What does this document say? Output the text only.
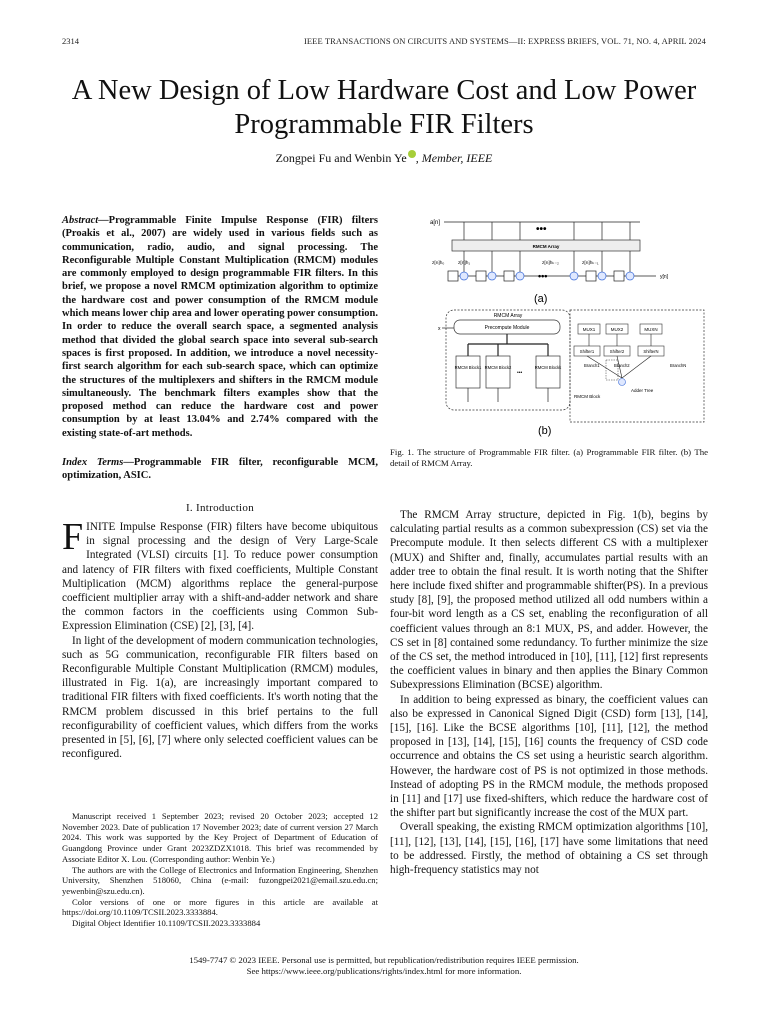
2314	IEEE TRANSACTIONS ON CIRCUITS AND SYSTEMS—II: EXPRESS BRIEFS, VOL. 71, NO. 4, APRIL 2024
A New Design of Low Hardware Cost and Low Power Programmable FIR Filters
Zongpei Fu and Wenbin Ye , Member, IEEE
Abstract—Programmable Finite Impulse Response (FIR) filters (Proakis et al., 2007) are widely used in various fields such as communication, radio, audio, and signal processing. The Reconfigurable Multiple Constant Multiplication (RMCM) modules are commonly employed to design programmable FIR filters. In this brief, we propose a novel RMCM optimization algorithm to optimize the hardware cost and power consumption of the RMCM module which means lower chip area and lower operating power consumption. In order to reduce the overall search space, a segmented analysis method that divided the global search space into several sub-search spaces is first proposed. In addition, we introduce a novel necessity-first search algorithm for each sub-search space, which can optimize the structures of the multiplexers and shifters in the RMCM module simultaneously. The benchmark filters examples show that the proposed method can reduce the hardware cost and power consumption by at least 13.04% and 2.74% compared with the existing state-of-art methods.
Index Terms—Programmable FIR filter, reconfigurable MCM, optimization, ASIC.
I. Introduction

FINITE Impulse Response (FIR) filters have become ubiquitous in signal processing and the design of Very Large-Scale Integrated (VLSI) circuits [1]. To reduce power consumption and latency of FIR filters with fixed coefficients, Multiple Constant Multiplication (MCM) algorithms replace the general-purpose coefficient multiplier array with a shift-and-adder network and share the common factors in the coefficients using Common Sub-Expression Elimination (CSE) [2], [3], [4].

In light of the development of modern communication technologies, such as 5G communication, reconfigurable FIR filters based on Reconfigurable Multiple Constant Multiplication (RMCM) modules, illustrated in Fig. 1(a), are increasingly important compared to traditional FIR filters with fixed coefficients. It's worth noting that the RMCM problem discussed in this brief pertains to the full reconfigurability of coefficient values, which differs from the works presented in [5], [6], [7] where only selected coefficient values can be reconfigured.

Manuscript received 1 September 2023; revised 20 October 2023; accepted 12 November 2023. Date of publication 17 November 2023; date of current version 27 March 2024. This work was supported by the Key Project of Department of Education of Guangdong Province under Grant 2023ZDZX1018. This brief was recommended by Associate Editor X. Lou. (Corresponding author: Wenbin Ye.)

The authors are with the College of Electronics and Information Engineering, Shenzhen University, Shenzhen 518060, China (e-mail: fuzongpei2021@email.szu.edu.cn; yewenbin@szu.edu.cn).

Color versions of one or more figures in this article are available at https://doi.org/10.1109/TCSII.2023.3333884.

Digital Object Identifier 10.1109/TCSII.2023.3333884

a[n]
•••
RMCM Array
z[n]h₀	z[n]h₁	z[n]hₖ₋₂	z[n]hₖ₋₁
•••	y[n]
(a)
RMCM Array
x	Precompute Module
RMCM Block1 RMCM Block2	RMCM Blockk
•••
MUX1	MUX2	MUXN
Shifter1	Shifter2	ShifterN
Branch1	Branch2	BranchN
Adder Tree
RMCM Block
(b)
Fig. 1. The structure of Programmable FIR filter. (a) Programmable FIR filter. (b) The detail of RMCM Array.

The RMCM Array structure, depicted in Fig. 1(b), begins by calculating partial results as a common subexpression (CS) set via the Precompute module. It then selects different CS with a multiplexer (MUX) and Shifter and, finally, accumulates partial results with an adder tree to obtain the final result. It is worth noting that the Shifter here include fixed shifter and programmable shifter(PS). In a previous study [8], [9], the proposed method utilized all odd numbers within a four-bit word length as a CS set, enabling the reconfiguration of all coefficient values through an 8:1 MUX, PS, and adder. However, the CS set in [8] contained some redundancy. To further minimize the size of the CS set, the method introduced in [10], [11], [12] first represents the coefficient values in binary and then applies the Binary Common Subexpressions Elimination (BCSE) algorithm.

In addition to being expressed as binary, the coefficient values can also be expressed in Canonical Signed Digit (CSD) form [13], [14], [15], [16]. Like the BCSE algorithms [10], [11], [12], the method proposed in [13], [14], [15], [16] counts the frequency of CSD code occurrence and obtains the CS set using a heuristic search algorithm. However, the hardware cost of PS is not optimized in those methods. Instead of adopting PS in the RMCM module, the methods proposed in [11] and [17] use fixed-shifters, which reduce the hardware cost of the shifter part but significantly increase the cost of the MUX part.

Overall speaking, the existing RMCM optimization algorithms [10], [11], [12], [13], [14], [15], [16], [17] have some limitations that need to be addressed. Firstly, the method of obtaining a CS set through high-frequency statistics may not

1549-7747 © 2023 IEEE. Personal use is permitted, but republication/redistribution requires IEEE permission.
See https://www.ieee.org/publications/rights/index.html for more information.
